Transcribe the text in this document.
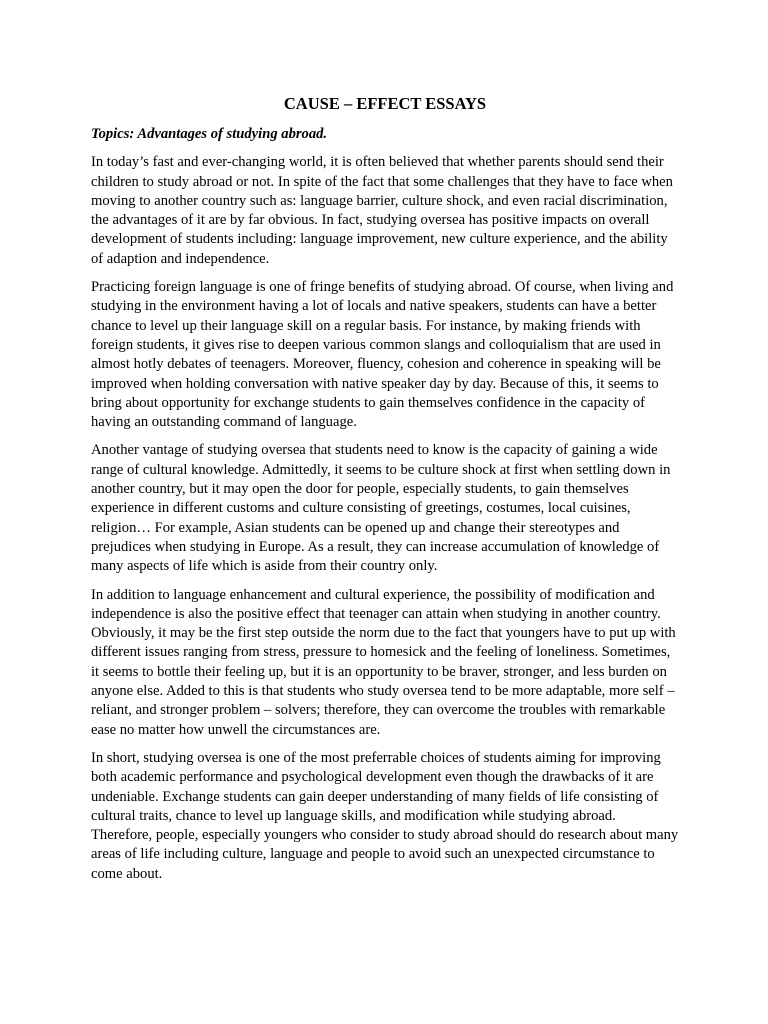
CAUSE – EFFECT ESSAYS
Topics: Advantages of studying abroad.

In today’s fast and ever-changing world, it is often believed that whether parents should send their children to study abroad or not. In spite of the fact that some challenges that they have to face when moving to another country such as: language barrier, culture shock, and even racial discrimination, the advantages of it are by far obvious. In fact, studying oversea has positive impacts on overall development of students including: language improvement, new culture experience, and the ability of adaption and independence.

Practicing foreign language is one of fringe benefits of studying abroad. Of course, when living and studying in the environment having a lot of locals and native speakers, students can have a better chance to level up their language skill on a regular basis. For instance, by making friends with foreign students, it gives rise to deepen various common slangs and colloquialism that are used in almost hotly debates of teenagers. Moreover, fluency, cohesion and coherence in speaking will be improved when holding conversation with native speaker day by day. Because of this, it seems to bring about opportunity for exchange students to gain themselves confidence in the capacity of having an outstanding command of language.

Another vantage of studying oversea that students need to know is the capacity of gaining a wide range of cultural knowledge. Admittedly, it seems to be culture shock at first when settling down in another country, but it may open the door for people, especially students, to gain themselves experience in different customs and culture consisting of greetings, costumes, local cuisines, religion… For example, Asian students can be opened up and change their stereotypes and prejudices when studying in Europe. As a result, they can increase accumulation of knowledge of many aspects of life which is aside from their country only.

In addition to language enhancement and cultural experience, the possibility of modification and independence is also the positive effect that teenager can attain when studying in another country. Obviously, it may be the first step outside the norm due to the fact that youngers have to put up with different issues ranging from stress, pressure to homesick and the feeling of loneliness. Sometimes, it seems to bottle their feeling up, but it is an opportunity to be braver, stronger, and less burden on anyone else. Added to this is that students who study oversea tend to be more adaptable, more self – reliant, and stronger problem – solvers; therefore, they can overcome the troubles with remarkable ease no matter how unwell the circumstances are.

In short, studying oversea is one of the most preferrable choices of students aiming for improving both academic performance and psychological development even though the drawbacks of it are undeniable. Exchange students can gain deeper understanding of many fields of life consisting of cultural traits, chance to level up language skills, and modification while studying abroad. Therefore, people, especially youngers who consider to study abroad should do research about many areas of life including culture, language and people to avoid such an unexpected circumstance to come about.
